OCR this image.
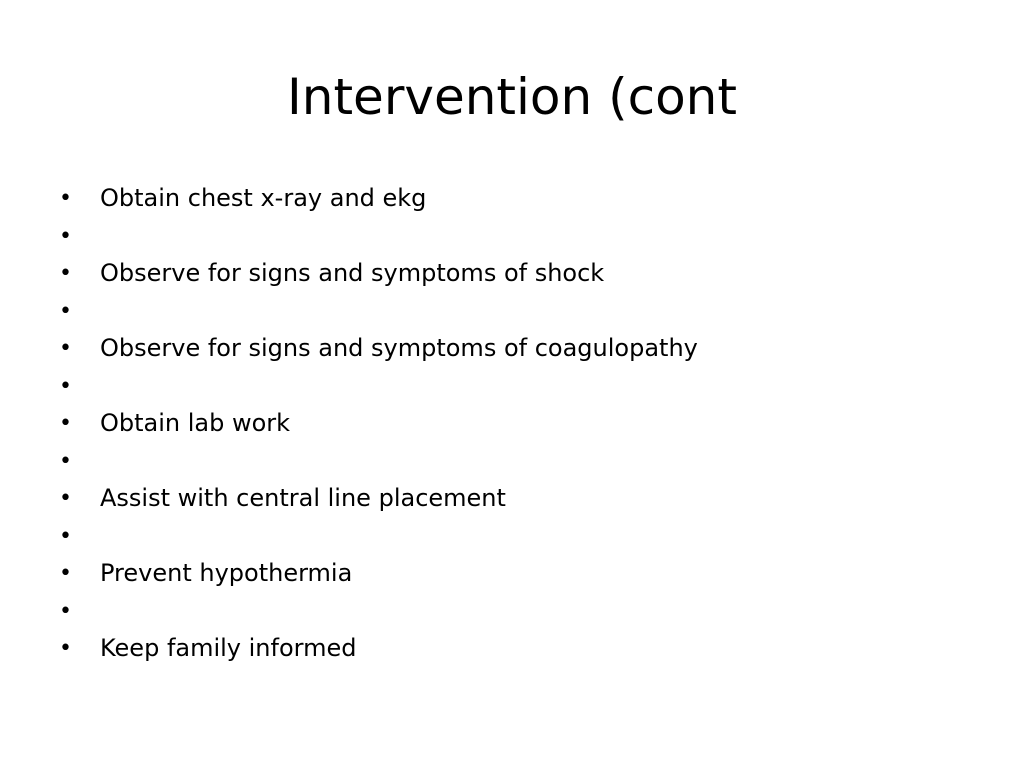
Intervention (cont
• Obtain chest x-ray and ekg
•
• Observe for signs and symptoms of shock
•
• Observe for signs and symptoms of coagulopathy
•
• Obtain lab work
•
• Assist with central line placement
•
• Prevent hypothermia
•
• Keep family informed
